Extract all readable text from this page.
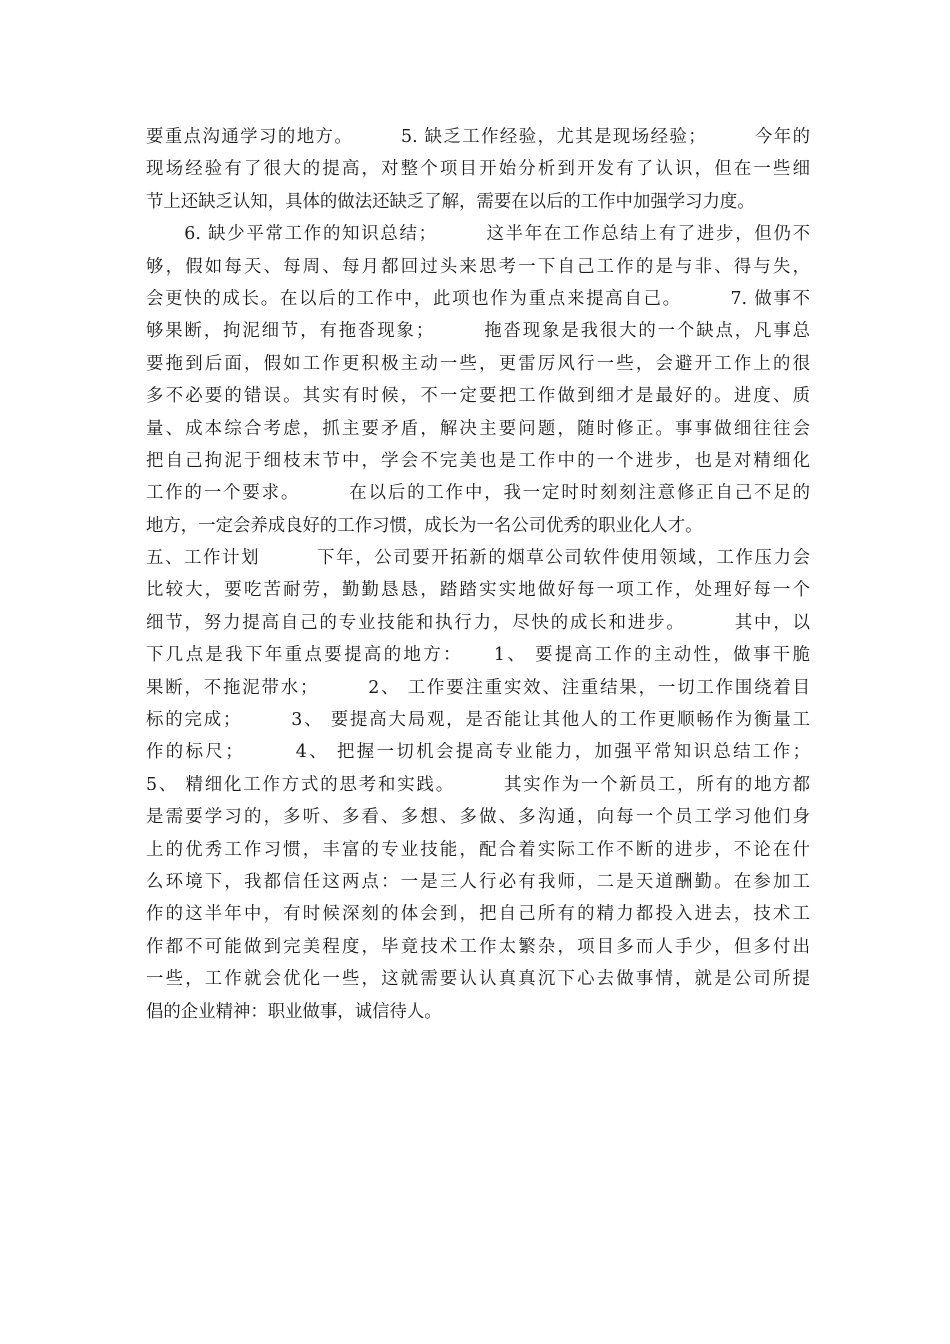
要重点沟通学习的地方。　　　5. 缺乏工作经验，尤其是现场经验；　　　今年的
现场经验有了很大的提高，对整个项目开始分析到开发有了认识，但在一些细
节上还缺乏认知，具体的做法还缺乏了解，需要在以后的工作中加强学习力度。
　　6. 缺少平常工作的知识总结；　　　这半年在工作总结上有了进步，但仍不
够，假如每天、每周、每月都回过头来思考一下自己工作的是与非、得与失，
会更快的成长。在以后的工作中，此项也作为重点来提高自己。　　　7. 做事不
够果断，拘泥细节，有拖沓现象；　　　拖沓现象是我很大的一个缺点，凡事总
要拖到后面，假如工作更积极主动一些，更雷厉风行一些，会避开工作上的很
多不必要的错误。其实有时候，不一定要把工作做到细才是最好的。进度、质
量、成本综合考虑，抓主要矛盾，解决主要问题，随时修正。事事做细往往会
把自己拘泥于细枝末节中，学会不完美也是工作中的一个进步，也是对精细化
工作的一个要求。　　　在以后的工作中，我一定时时刻刻注意修正自己不足的
地方，一定会养成良好的工作习惯，成长为一名公司优秀的职业化人才。
五、工作计划　　　下年，公司要开拓新的烟草公司软件使用领域，工作压力会
比较大，要吃苦耐劳，勤勤恳恳，踏踏实实地做好每一项工作，处理好每一个
细节，努力提高自己的专业技能和执行力，尽快的成长和进步。　　　其中，以
下几点是我下年重点要提高的地方：　　1、 要提高工作的主动性，做事干脆
果断，不拖泥带水；　　　2、 工作要注重实效、注重结果，一切工作围绕着目
标的完成；　　　3、 要提高大局观，是否能让其他人的工作更顺畅作为衡量工
作的标尺；　　　4、 把握一切机会提高专业能力，加强平常知识总结工作；
5、 精细化工作方式的思考和实践。　　　其实作为一个新员工，所有的地方都
是需要学习的，多听、多看、多想、多做、多沟通，向每一个员工学习他们身
上的优秀工作习惯，丰富的专业技能，配合着实际工作不断的进步，不论在什
么环境下，我都信任这两点：一是三人行必有我师，二是天道酬勤。在参加工
作的这半年中，有时候深刻的体会到，把自己所有的精力都投入进去，技术工
作都不可能做到完美程度，毕竟技术工作太繁杂，项目多而人手少，但多付出
一些，工作就会优化一些，这就需要认认真真沉下心去做事情，就是公司所提
倡的企业精神：职业做事，诚信待人。
